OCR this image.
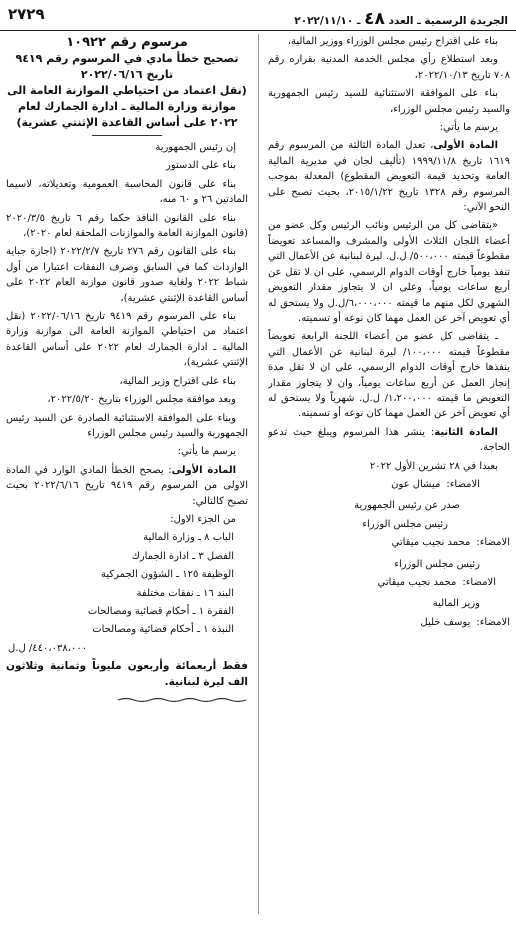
الجريدة الرسمية ـ العدد ٤٨ ـ ٢٠٢٢/١١/١٠
٢٧٢٩

بناء على اقتراح رئيس مجلس الوزراء ووزير المالية،

وبعد استطلاع رأي مجلس الخدمة المدنية بقراره رقم ٧٠٨ تاريخ ٢٠٢٢/١٠/١٣،

بناء على الموافقة الاستثنائية للسيد رئيس الجمهورية والسيد رئيس مجلس الوزراء،

يرسم ما يأتي:

المادة الأولى، تعدل المادة الثالثة من المرسوم رقم ١٦١٩ تاريخ ١٩٩٩/١١/٨ (تأليف لجان في مديرية المالية العامة وتحديد قيمة التعويض المقطوع) المعدلة بموجب المرسوم رقم ١٣٢٨ تاريخ ٢٠١٥/١/٢٢، بحيث تصبح على النحو الآتي:

«يتقاضى كل من الرئيس ونائب الرئيس وكل عضو من أعضاء اللجان الثلاث الأولى والمشرف والمساعد تعويضاً مقطوعاً قيمته ٥٠٠،٠٠٠/ ل.ل. ليرة لبنانية عن الأعمال التي تنفذ يومياً خارج أوقات الدوام الرسمي، على ان لا تقل عن أربع ساعات يومياً، وعلى ان لا يتجاوز مقدار التعويض الشهري لكل منهم ما قيمته ٦،٠٠٠،٠٠٠/ل.ل ولا يستحق له أي تعويض آخر عن العمل مهما كان نوعه أو تسميته.

ـ يتقاضى كل عضو من أعضاء اللجنة الرابعة تعويضاً مقطوعاً قيمته ١٠٠،٠٠٠/ ليرة لبنانية عن الأعمال التي ينفذها خارج أوقات الدوام الرسمي، على ان لا تقل مدة إنجاز العمل عن أربع ساعات يومياً، وان لا يتجاوز مقدار التعويض ما قيمته ١،٢٠٠،٠٠٠/ ل.ل. شهرياً ولا يستحق له أي تعويض آخر عن العمل مهما كان نوعه أو تسميته.

المادة الثانية: ينشر هذا المرسوم ويبلغ حيث تدعو الحاجة.

بعبدا في ٢٨ تشرين الأول ٢٠٢٢

الامضاء:
ميشال عون

صدر عن رئيس الجمهورية

رئيس مجلس الوزراء

الامضاء:
محمد نجيب ميقاتي

رئيس مجلس الوزراء

الامضاء:
محمد نجيب ميقاتي

وزير المالية

الامضاء:
يوسف خليل
مرسوم رقم ١٠٩٢٢
تصحيح خطأ مادي في المرسوم رقم ٩٤١٩
تاريخ ٢٠٢٢/٠٦/١٦
(نقل اعتماد من احتياطي الموازنة العامة الى موازنة وزارة المالية ـ ادارة الجمارك لعام ٢٠٢٢ على أساس القاعدة الإثنتي عشرية)

إن رئيس الجمهورية

بناء على الدستور

بناء على قانون المحاسبة العمومية وتعديلاته، لاسيما المادتين ٢٦ و ٦٠ منه،

بناء على القانون النافذ حكما رقم ٦ تاريخ ٢٠٢٠/٣/٥ (قانون الموازنة العامة والموازنات الملحقة لعام ٢٠٢٠)،

بناء على القانون رقم ٢٧٦ تاريخ ٢٠٢٢/٢/٧ (اجازة جباية الواردات كما في السابق وصرف النفقات اعتبارا من أول شباط ٢٠٢٢ ولغاية صدور قانون موازنة العام ٢٠٢٢ على أساس القاعدة الإثنتي عشرية)،

بناء على المرسوم رقم ٩٤١٩ تاريخ ٢٠٢٢/٠٦/١٦ (نقل اعتماد من احتياطي الموازنة العامة الى موازنة وزارة المالية ـ ادارة الجمارك لعام ٢٠٢٢ على أساس القاعدة الإثنتي عشرية)،

بناء على اقتراح وزير المالية،

وبعد موافقة مجلس الوزراء بتاريخ ٢٠٢٢/٥/٢٠،

وبناء على الموافقة الاستثنائية الصادرة عن السيد رئيس الجمهورية والسيد رئيس مجلس الوزراء

يرسم ما يأتي:

المادة الأولى: يصحح الخطأ المادي الوارد في المادة الاولى من المرسوم رقم ٩٤١٩ تاريخ ٢٠٢٢/٦/١٦ بحيث تصبح كالتالي:

من الجزء الاول:

الباب ٨ ـ وزارة المالية

الفصل ٣ ـ ادارة الجمارك

الوظيفة ١٢٥ ـ الشؤون الجمركية

البند ١٦ ـ نفقات مختلفة

الفقرة ١ ـ أحكام قضائية ومصالحات

النبذة ١ ـ أحكام قضائية ومصالحات

٤٤٠،٠٣٨،٠٠٠/ ل.ل

فقط أربعمائة وأربعون مليوناً وثمانية وثلاثون الف ليرة لبنانية.
